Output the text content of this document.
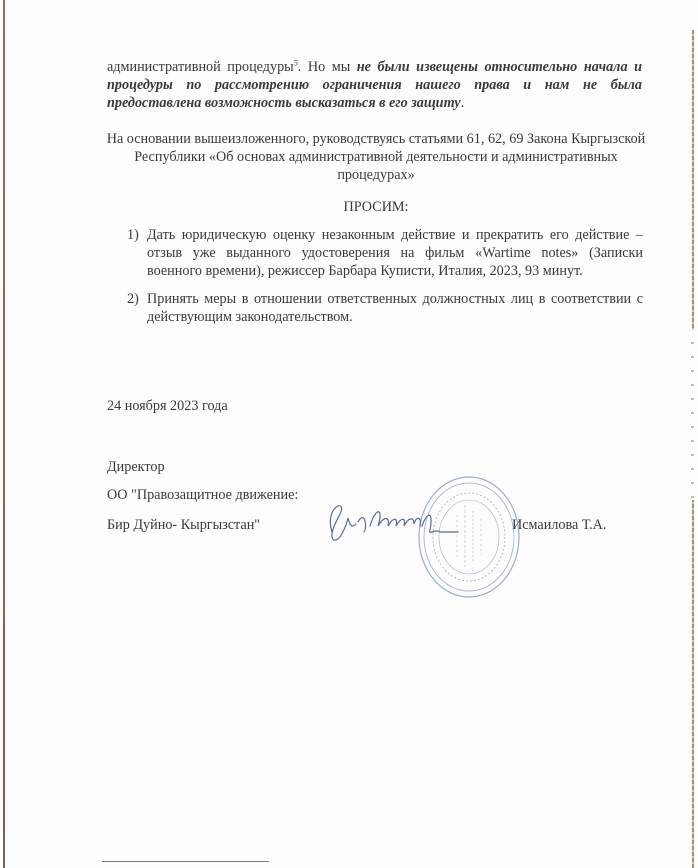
административной процедуры$^5$. Но мы не были извещены относительно начала и процедуры по рассмотрению ограничения нашего права и нам не была предоставлена возможность высказаться в его защиту.
На основании вышеизложенного, руководствуясь статьями 61, 62, 69 Закона Кыргызской Республики «Об основах административной деятельности и административных процедурах»
ПРОСИМ:
1) Дать юридическую оценку незаконным действие и прекратить его действие – отзыв уже выданного удостоверения на фильм «Wartime notes» (Записки военного времени), режиссер Барбара Куписти, Италия, 2023, 93 минут.
2) Принять меры в отношении ответственных должностных лиц в соответствии с действующим законодательством.
24 ноября 2023 года
Директор
ОО "Правозащитное движение:
Бир Дуйно- Кыргызстан"	Исмаилова Т.А.
